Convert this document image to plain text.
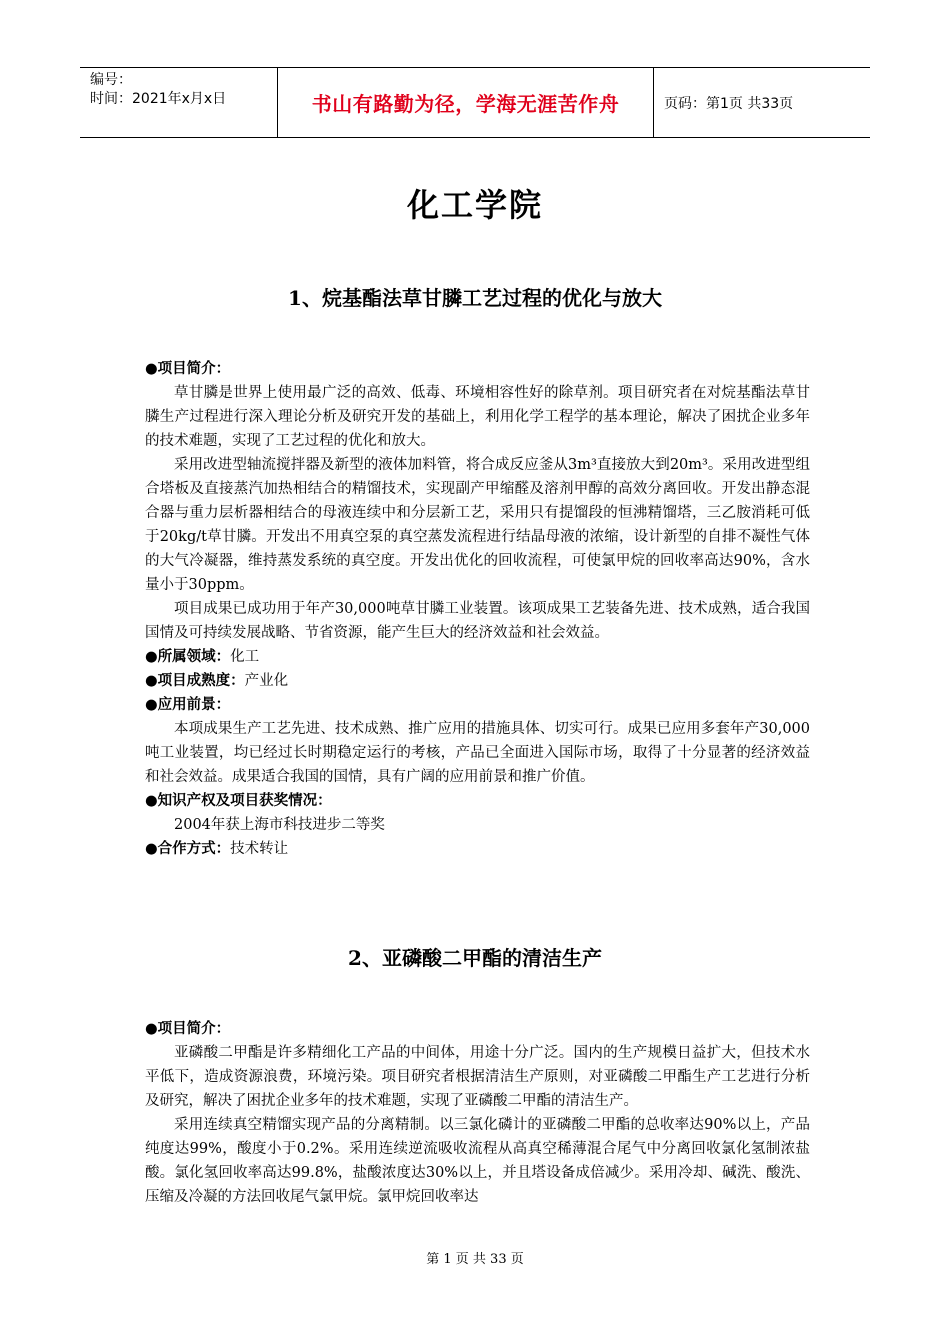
编号：
时间：2021年x月x日	书山有路勤为径，学海无涯苦作舟	页码：第1页 共33页
化工学院
1、烷基酯法草甘膦工艺过程的优化与放大

●项目简介：

草甘膦是世界上使用最广泛的高效、低毒、环境相容性好的除草剂。项目研究者在对烷基酯法草甘膦生产过程进行深入理论分析及研究开发的基础上，利用化学工程学的基本理论，解决了困扰企业多年的技术难题，实现了工艺过程的优化和放大。

采用改进型轴流搅拌器及新型的液体加料管，将合成反应釜从3m³直接放大到20m³。采用改进型组合塔板及直接蒸汽加热相结合的精馏技术，实现副产甲缩醛及溶剂甲醇的高效分离回收。开发出静态混合器与重力层析器相结合的母液连续中和分层新工艺，采用只有提馏段的恒沸精馏塔，三乙胺消耗可低于20kg/t草甘膦。开发出不用真空泵的真空蒸发流程进行结晶母液的浓缩，设计新型的自排不凝性气体的大气冷凝器，维持蒸发系统的真空度。开发出优化的回收流程，可使氯甲烷的回收率高达90%，含水量小于30ppm。

项目成果已成功用于年产30,000吨草甘膦工业装置。该项成果工艺装备先进、技术成熟，适合我国国情及可持续发展战略、节省资源，能产生巨大的经济效益和社会效益。

●所属领域：化工

●项目成熟度：产业化

●应用前景：

本项成果生产工艺先进、技术成熟、推广应用的措施具体、切实可行。成果已应用多套年产30,000吨工业装置，均已经过长时期稳定运行的考核，产品已全面进入国际市场，取得了十分显著的经济效益和社会效益。成果适合我国的国情，具有广阔的应用前景和推广价值。

●知识产权及项目获奖情况：

2004年获上海市科技进步二等奖

●合作方式：技术转让

2、亚磷酸二甲酯的清洁生产

●项目简介：

亚磷酸二甲酯是许多精细化工产品的中间体，用途十分广泛。国内的生产规模日益扩大，但技术水平低下，造成资源浪费，环境污染。项目研究者根据清洁生产原则，对亚磷酸二甲酯生产工艺进行分析及研究，解决了困扰企业多年的技术难题，实现了亚磷酸二甲酯的清洁生产。

采用连续真空精馏实现产品的分离精制。以三氯化磷计的亚磷酸二甲酯的总收率达90%以上，产品纯度达99%，酸度小于0.2%。采用连续逆流吸收流程从高真空稀薄混合尾气中分离回收氯化氢制浓盐酸。氯化氢回收率高达99.8%，盐酸浓度达30%以上，并且塔设备成倍减少。采用冷却、碱洗、酸洗、压缩及冷凝的方法回收尾气氯甲烷。氯甲烷回收率达

第 1 页 共 33 页
